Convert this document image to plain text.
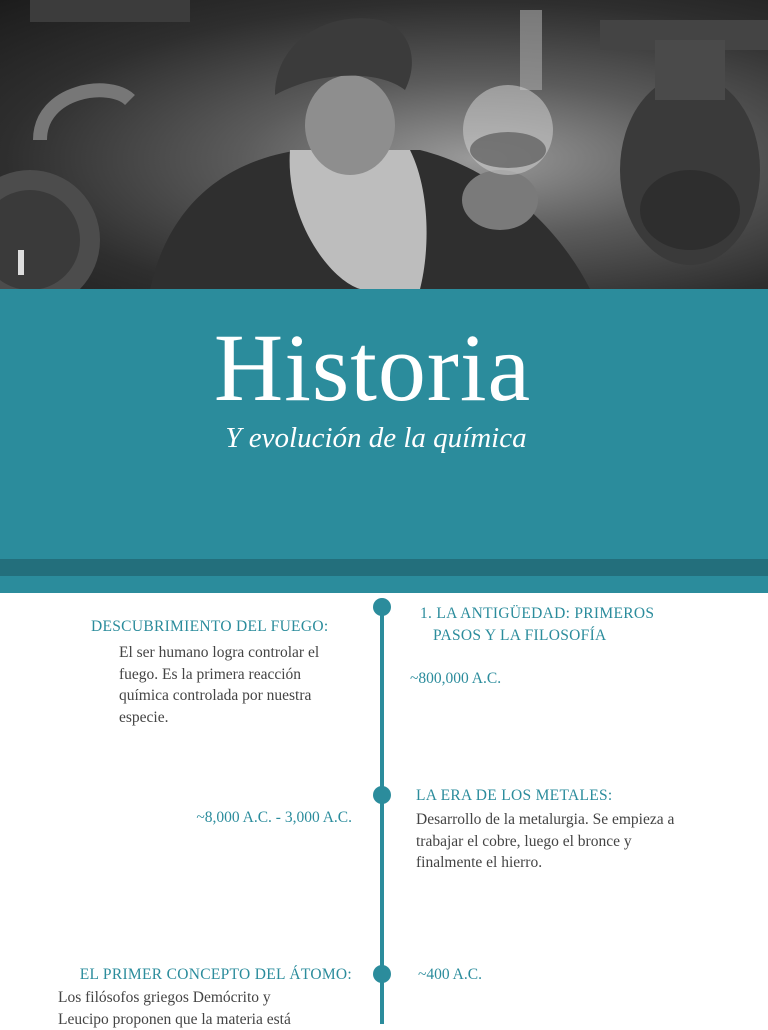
Historia
Y evolución de la química
1. LA ANTIGÜEDAD: PRIMEROS
PASOS Y LA FILOSOFÍA
DESCUBRIMIENTO DEL FUEGO:
El ser humano logra controlar el
fuego. Es la primera reacción
química controlada por nuestra
especie.
~800,000 A.C.
LA ERA DE LOS METALES:
Desarrollo de la metalurgia. Se empieza a
trabajar el cobre, luego el bronce y
finalmente el hierro.
~8,000 A.C. - 3,000 A.C.
EL PRIMER CONCEPTO DEL ÁTOMO:
Los filósofos griegos Demócrito y
Leucipo proponen que la materia está
~400 A.C.
